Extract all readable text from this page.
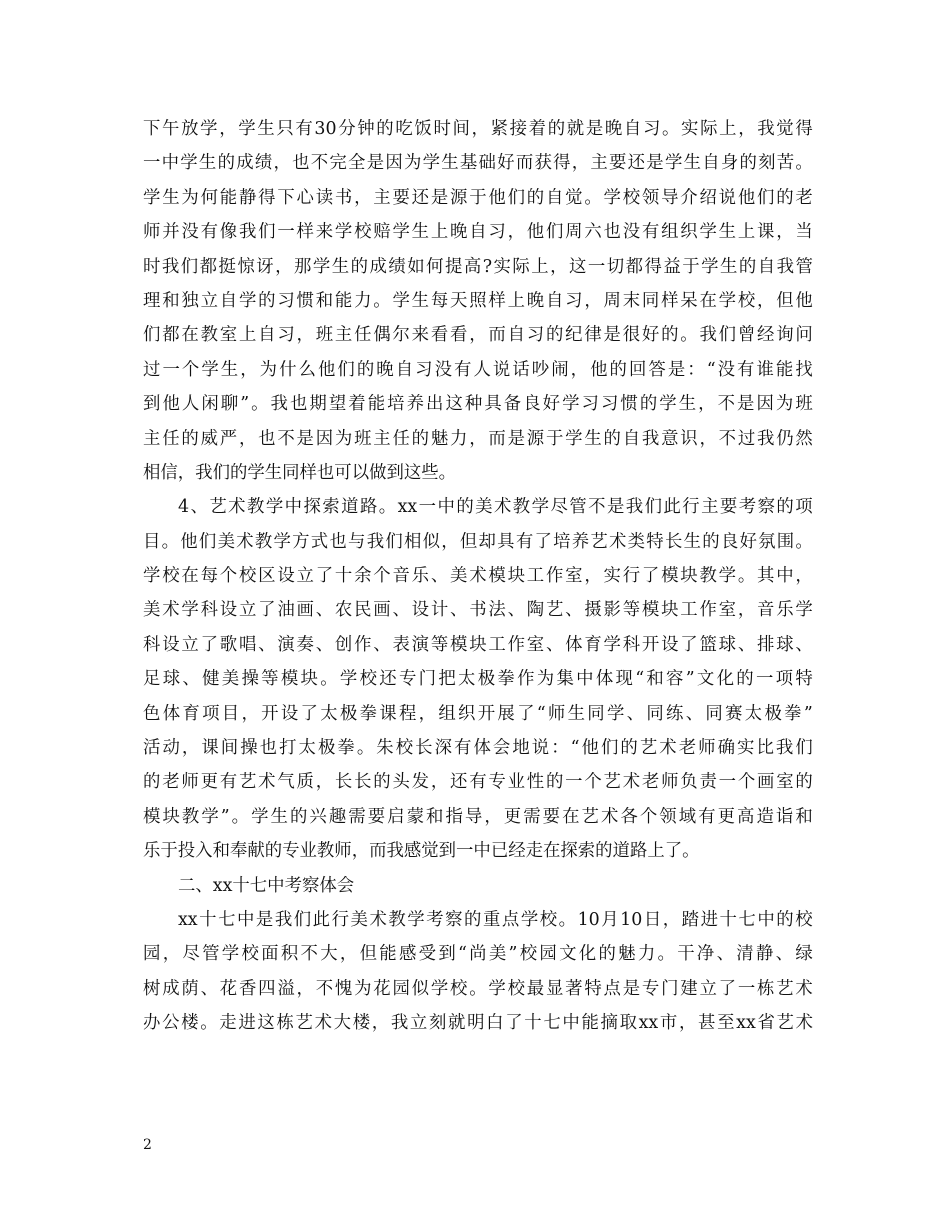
下 午 放 学 ， 学 生 只 有 30 分 钟 的 吃 饭 时 间 ， 紧 接 着 的 就 是 晚 自 习 。 实 际 上 ， 我 觉 得
一 中 学 生 的 成 绩 ， 也 不 完 全 是 因 为 学 生 基 础 好 而 获 得 ， 主 要 还 是 学 生 自 身 的 刻 苦 。
学 生 为 何 能 静 得 下 心 读 书 ， 主 要 还 是 源 于 他 们 的 自 觉 。 学 校 领 导 介 绍 说 他 们 的 老
师 并 没 有 像 我 们 一 样 来 学 校 赔 学 生 上 晚 自 习 ， 他 们 周 六 也 没 有 组 织 学 生 上 课 ， 当
时 我 们 都 挺 惊 讶 ， 那 学 生 的 成 绩 如 何 提 高 ? 实 际 上 ， 这 一 切 都 得 益 于 学 生 的 自 我 管
理 和 独 立 自 学 的 习 惯 和 能 力 。 学 生 每 天 照 样 上 晚 自 习 ， 周 末 同 样 呆 在 学 校 ， 但 他
们 都 在 教 室 上 自 习 ， 班 主 任 偶 尔 来 看 看 ， 而 自 习 的 纪 律 是 很 好 的 。 我 们 曾 经 询 问
过 一 个 学 生 ， 为 什 么 他 们 的 晚 自 习 没 有 人 说 话 吵 闹 ， 他 的 回 答 是 ： “ 没 有 谁 能 找
到 他 人 闲 聊 ” 。 我 也 期 望 着 能 培 养 出 这 种 具 备 良 好 学 习 习 惯 的 学 生 ， 不 是 因 为 班
主 任 的 威 严 ， 也 不 是 因 为 班 主 任 的 魅 力 ， 而 是 源 于 学 生 的 自 我 意 识 ， 不 过 我 仍 然
相信，我们的学生同样也可以做到这些。
4 、 艺 术 教 学 中 探 索 道 路 。 xx 一 中 的 美 术 教 学 尽 管 不 是 我 们 此 行 主 要 考 察 的 项
目 。 他 们 美 术 教 学 方 式 也 与 我 们 相 似 ， 但 却 具 有 了 培 养 艺 术 类 特 长 生 的 良 好 氛 围 。
学 校 在 每 个 校 区 设 立 了 十 余 个 音 乐 、 美 术 模 块 工 作 室 ， 实 行 了 模 块 教 学 。 其 中 ，
美 术 学 科 设 立 了 油 画 、 农 民 画 、 设 计 、 书 法 、 陶 艺 、 摄 影 等 模 块 工 作 室 ， 音 乐 学
科 设 立 了 歌 唱 、 演 奏 、 创 作 、 表 演 等 模 块 工 作 室 、 体 育 学 科 开 设 了 篮 球 、 排 球 、
足 球 、 健 美 操 等 模 块 。 学 校 还 专 门 把 太 极 拳 作 为 集 中 体 现 “ 和 容 ” 文 化 的 一 项 特
色 体 育 项 目 ， 开 设 了 太 极 拳 课 程 ， 组 织 开 展 了 “ 师 生 同 学 、 同 练 、 同 赛 太 极 拳 ”
活 动 ， 课 间 操 也 打 太 极 拳 。 朱 校 长 深 有 体 会 地 说 ： “ 他 们 的 艺 术 老 师 确 实 比 我 们
的 老 师 更 有 艺 术 气 质 ， 长 长 的 头 发 ， 还 有 专 业 性 的 一 个 艺 术 老 师 负 责 一 个 画 室 的
模 块 教 学 ” 。 学 生 的 兴 趣 需 要 启 蒙 和 指 导 ， 更 需 要 在 艺 术 各 个 领 域 有 更 高 造 诣 和
乐于投入和奉献的专业教师，而我感觉到一中已经走在探索的道路上了。
二、xx十七中考察体会
xx 十 七 中 是 我 们 此 行 美 术 教 学 考 察 的 重 点 学 校 。 10 月 10 日 ， 踏 进 十 七 中 的 校
园 ， 尽 管 学 校 面 积 不 大 ， 但 能 感 受 到 “ 尚 美 ” 校 园 文 化 的 魅 力 。 干 净 、 清 静 、 绿
树 成 荫 、 花 香 四 溢 ， 不 愧 为 花 园 似 学 校 。 学 校 最 显 著 特 点 是 专 门 建 立 了 一 栋 艺 术
办 公 楼 。 走 进 这 栋 艺 术 大 楼 ， 我 立 刻 就 明 白 了 十 七 中 能 摘 取 xx 市 ， 甚 至 xx 省 艺 术
2
